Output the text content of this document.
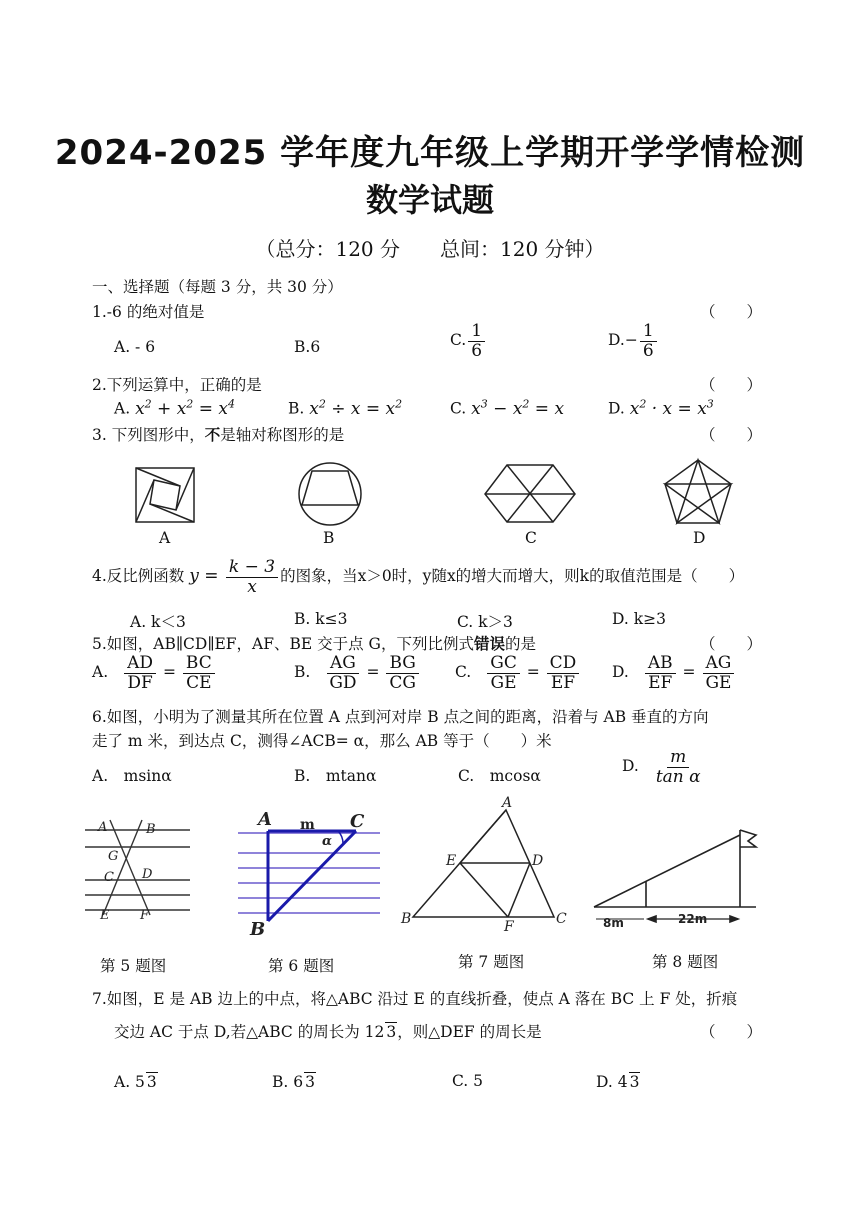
2024-2025 学年度九年级上学期开学学情检测
数学试题
（总分：120 分　　总间：120 分钟）
一、选择题（每题 3 分，共 30 分）
1.-6 的绝对值是	（　　）
A. - 6	B.6	C. $\frac{1}{6}$	$D.- \frac{1}{6}$
2.下列运算中，正确的是	（　　）
A. $x^2 + x^2 = x^4$	B. $x^2 \div x = x^2$	C. $x^3 - x^2 = x$	D. $x^2 \cdot x = x^3$
3. 下列图形中，不是轴对称图形的是	（　　）
A	B	C	D
4.反比例函数 $y = \frac{k - 3}{x}$ 的图象，当x＞0时，y随x的增大而增大，则k的取值范围是（　　）
A. k＜3	B. k≤3	C. k＞3	D. k≥3
5.如图，AB∥CD∥EF，AF、BE 交于点 G，下列比例式错误的是	（　　）
A. $\frac{AD}{DF} = \frac{BC}{CE}$	B. $\frac{AG}{GD} = \frac{BG}{CG} C$. $\frac{GC}{GE} = \frac{CD}{EF} D$. $\frac{AB}{EF} = \frac{AG}{GE}$
6.如图，小明为了测量其所在位置 A 点到河对岸 B 点之间的距离，沿着与 AB 垂直的方向
走了 m 米，到达点 C，测得∠ACB= α，那么 AB 等于（　　）米
A.　msinα	B.　mtanα	C.　mcosα
D. $\frac{m}{\text{tan α}}$
A	B
G
C D
E F
A	C
B
m
α
A
E	D
B	F	C	8m	22m
第 5 题图	第 6 题图	第 7 题图	第 8 题图
7.如图，E 是 AB 边上的中点，将△ABC 沿过 E 的直线折叠，使点 A 落在 BC 上 F 处，折痕
交边 AC 于点 D,若△ABC 的周长为 12 3，则△DEF 的周长是	（　　）
A. 5 3	B. 6 3	C. 5	D. 4 3
